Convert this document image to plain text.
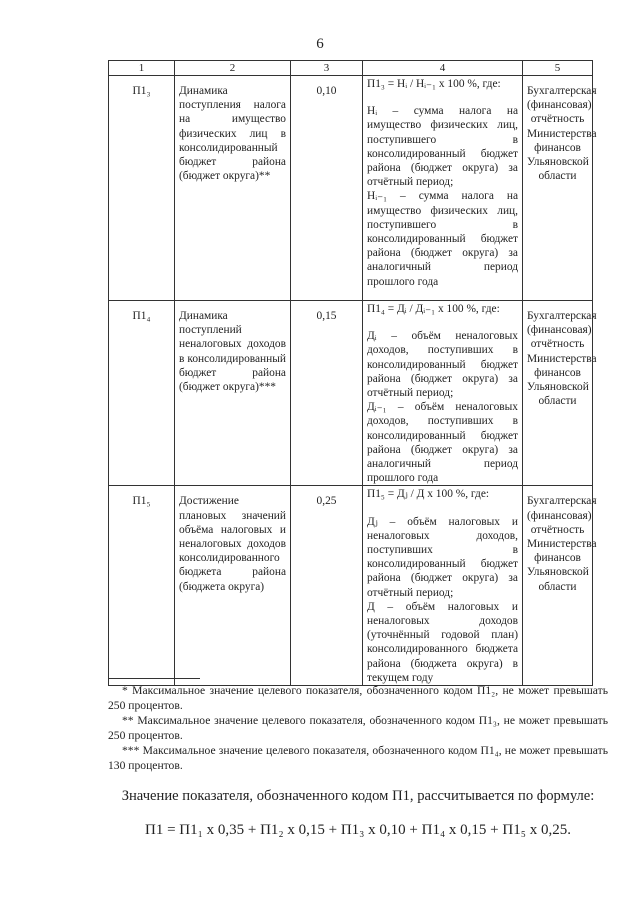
6
1	2	3	4	5
П1₃	Динамика поступления налога на имущество физических лиц в консолидированный бюджет района (бюджет округа)**	0,10	П1₃ = Нᵢ / Нᵢ₋₁ х 100 %, где:
Нᵢ – сумма налога на имущество физических лиц, поступившего в консолидированный бюджет района (бюджет округа) за отчётный период;
Нᵢ₋₁ – сумма налога на имущество физических лиц, поступившего в консолидированный бюджет района (бюджет округа) за аналогичный период прошлого года	Бухгалтерская (финансовая) отчётность Министерства финансов Ульяновской области
П1₄	Динамика поступлений неналоговых доходов в консолидированный бюджет района (бюджет округа)***	0,15	П1₄ = Дᵢ / Дᵢ₋₁ х 100 %, где:
Дᵢ – объём неналоговых доходов, поступивших в консолидированный бюджет района (бюджет округа) за отчётный период;
Дᵢ₋₁ – объём неналоговых доходов, поступивших в консолидированный бюджет района (бюджет округа) за аналогичный период прошлого года	Бухгалтерская (финансовая) отчётность Министерства финансов Ульяновской области
П1₅	Достижение плановых значений объёма налоговых и неналоговых доходов консолидированного бюджета района (бюджета округа)	0,25	П1₅ = Дⱼ / Д х 100 %, где:
Дⱼ – объём налоговых и неналоговых доходов, поступивших в консолидированный бюджет района (бюджет округа) за отчётный период;
Д – объём налоговых и неналоговых доходов (уточнённый годовой план) консолидированного бюджета района (бюджета округа) в текущем году	Бухгалтерская (финансовая) отчётность Министерства финансов Ульяновской области

* Максимальное значение целевого показателя, обозначенного кодом П1₂, не может превышать 250 процентов.

** Максимальное значение целевого показателя, обозначенного кодом П1₃, не может превышать 250 процентов.

*** Максимальное значение целевого показателя, обозначенного кодом П1₄, не может превышать 130 процентов.

Значение показателя, обозначенного кодом П1, рассчитывается по формуле:
П1 = П1₁ х 0,35 + П1₂ х 0,15 + П1₃ х 0,10 + П1₄ х 0,15 + П1₅ х 0,25.
